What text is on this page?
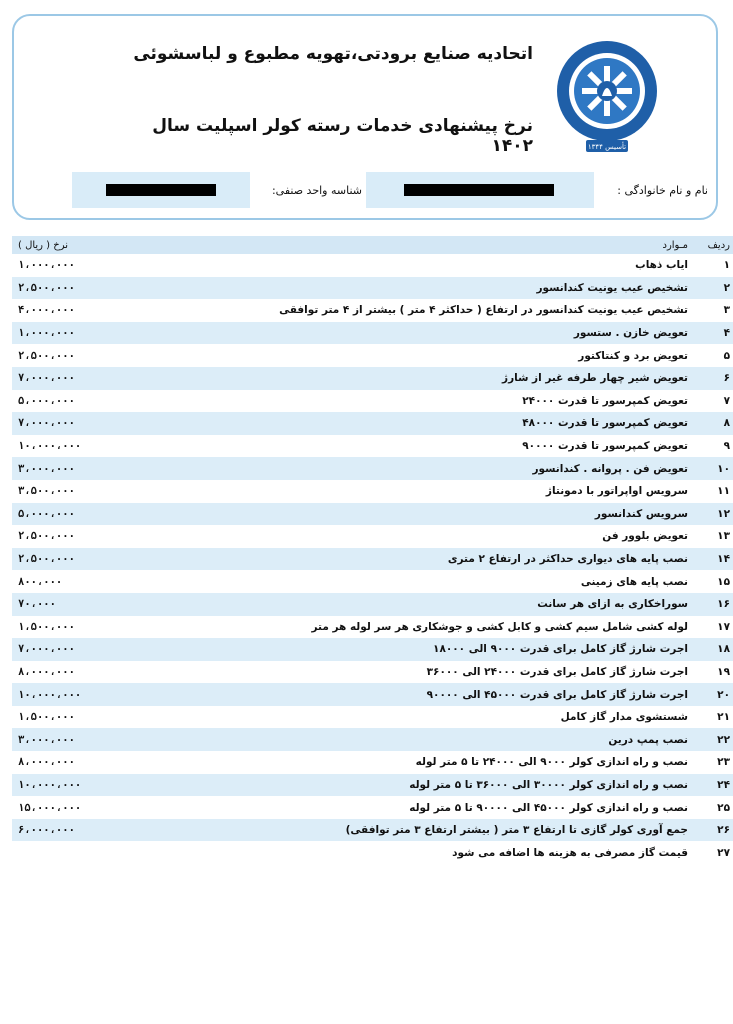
اتحادیه صنایع برودتی،تهویه مطبوع و لباسشوئی
نرخ پیشنهادی خدمات رسته کولر اسپلیت سال ۱۴۰۲	تأسیس ۱۳۴۴
نام و نام خانوادگی :
شناسه واحد صنفی:
ردیف	مـوارد	نرخ ( ریال )
۱	ایاب ذهاب	۱،۰۰۰،۰۰۰
۲	تشخیص عیب یونیت کندانسور	۲،۵۰۰،۰۰۰
۳	تشخیص عیب یونیت کندانسور در ارتفاع ( حداکثر ۴ متر ) بیشتر از ۴ متر توافقی	۴،۰۰۰،۰۰۰
۴	تعویض خازن . ستسور	۱،۰۰۰،۰۰۰
۵	تعویض برد و کنتاکتور	۲،۵۰۰،۰۰۰
۶	تعویض شیر چهار طرفه غیر از شارژ	۷،۰۰۰،۰۰۰
۷	تعویض کمپرسور تا قدرت ۲۴۰۰۰	۵،۰۰۰،۰۰۰
۸	تعویض کمپرسور تا قدرت ۴۸۰۰۰	۷،۰۰۰،۰۰۰
۹	تعویض کمپرسور تا قدرت ۹۰۰۰۰	۱۰،۰۰۰،۰۰۰
۱۰	تعویض فن . پروانه . کندانسور	۳،۰۰۰،۰۰۰
۱۱	سرویس اواپراتور با دمونتاژ	۳،۵۰۰،۰۰۰
۱۲	سرویس کندانسور	۵،۰۰۰،۰۰۰
۱۳	تعویض بلوور فن	۲،۵۰۰،۰۰۰
۱۴	نصب پایه های دیواری حداکثر در ارتفاع ۲ متری	۲،۵۰۰،۰۰۰
۱۵	نصب پایه های زمینی	۸۰۰،۰۰۰
۱۶	سوراخکاری به ازای هر سانت	۷۰،۰۰۰
۱۷	لوله کشی شامل سیم کشی و کابل کشی و جوشکاری هر سر لوله هر متر	۱،۵۰۰،۰۰۰
۱۸	اجرت شارژ گاز کامل برای قدرت ۹۰۰۰ الی ۱۸۰۰۰	۷،۰۰۰،۰۰۰
۱۹	اجرت شارژ گاز کامل برای قدرت ۲۴۰۰۰ الی ۳۶۰۰۰	۸،۰۰۰،۰۰۰
۲۰	اجرت شارژ گاز کامل برای قدرت ۴۵۰۰۰ الی ۹۰۰۰۰	۱۰،۰۰۰،۰۰۰
۲۱	شستشوی مدار گاز کامل	۱،۵۰۰،۰۰۰
۲۲	نصب پمپ درین	۳،۰۰۰،۰۰۰
۲۳	نصب و راه اندازی کولر ۹۰۰۰ الی ۲۴۰۰۰ تا ۵ متر لوله	۸،۰۰۰،۰۰۰
۲۴	نصب و راه اندازی کولر ۳۰۰۰۰ الی ۳۶۰۰۰ تا ۵ متر لوله	۱۰،۰۰۰،۰۰۰
۲۵	نصب و راه اندازی کولر ۴۵۰۰۰ الی ۹۰۰۰۰ تا ۵ متر لوله	۱۵،۰۰۰،۰۰۰
۲۶	جمع آوری کولر گازی تا ارتفاع ۳ متر ( بیشتر ارتفاع ۳ متر توافقی)	۶،۰۰۰،۰۰۰
۲۷	قیمت گاز مصرفی به هزینه ها اضافه می شود	
